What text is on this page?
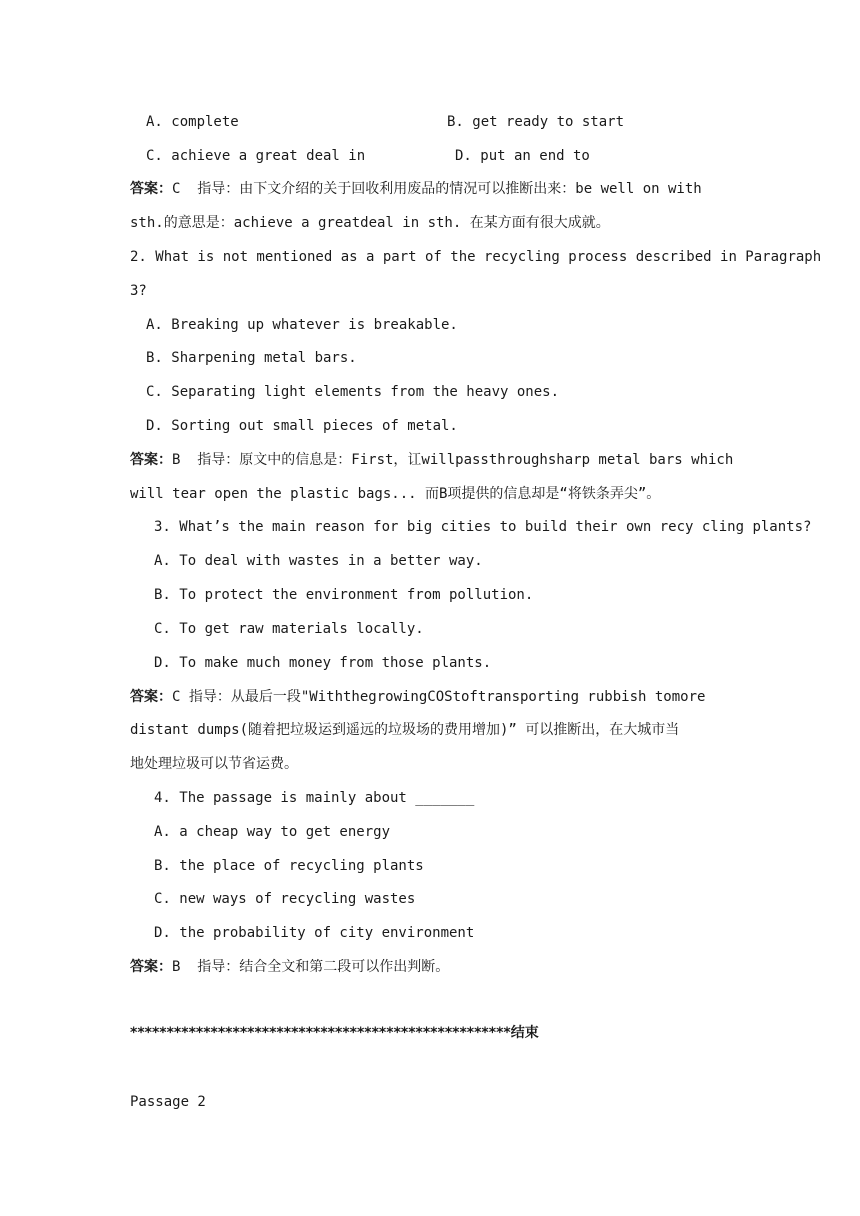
A. complete	B. get ready to start
C. achieve a great deal in	D. put an end to
答案：C  指导：由下文介绍的关于回收利用废品的情况可以推断出来：be well on with
sth.的意思是：achieve a greatdeal in sth. 在某方面有很大成就。
2. What is not mentioned as a part of the recycling process described in Paragraph
3?
A. Breaking up whatever is breakable.
B. Sharpening metal bars.
C. Separating light elements from the heavy ones.
D. Sorting out small pieces of metal.
答案：B  指导：原文中的信息是：First，讧willpassthroughsharp metal bars which
will tear open the plastic bags... 而B项提供的信息却是“将铁条弄尖”。
3. What’s the main reason for big cities to build their own recy cling plants?
A. To deal with wastes in a better way.
B. To protect the environment from pollution.
C. To get raw materials locally.
D. To make much money from those plants.
答案：C 指导：从最后一段"WiththegrowingCOStoftransporting rubbish tomore
distant dumps(随着把垃圾运到遥远的垃圾场的费用增加)” 可以推断出，在大城市当
地处理垃圾可以节省运费。
4. The passage is mainly about _______
A. a cheap way to get energy
B. the place of recycling plants
C. new ways of recycling wastes
D. the probability of city environment
答案：B  指导：结合全文和第二段可以作出判断。
****************************************************结束
Passage 2
